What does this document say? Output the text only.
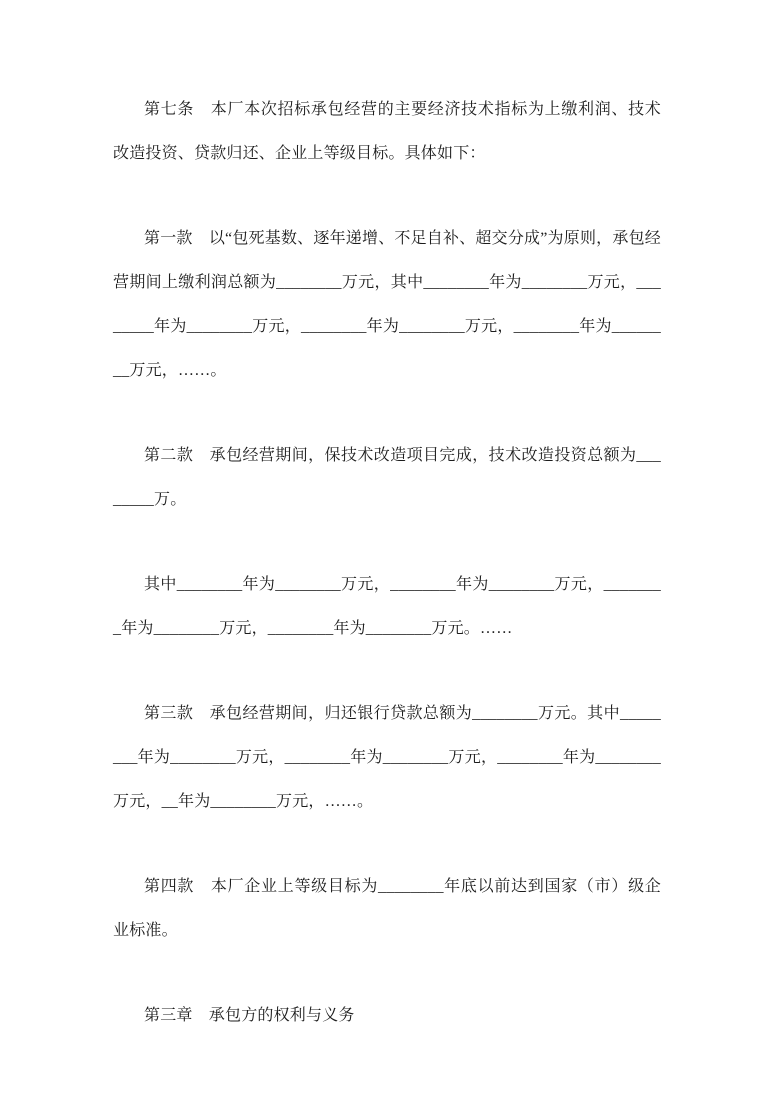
第七条　本厂本次招标承包经营的主要经济技术指标为上缴利润、技术改造投资、贷款归还、企业上等级目标。具体如下：

第一款　以“包死基数、逐年递增、不足自补、超交分成”为原则，承包经营期间上缴利润总额为________万元，其中________年为________万元，________年为________万元，________年为________万元，________年为________万元，……。

第二款　承包经营期间，保技术改造项目完成，技术改造投资总额为________万。

其中________年为________万元，________年为________万元，________年为________万元，________年为________万元。……

第三款　承包经营期间，归还银行贷款总额为________万元。其中________年为________万元，________年为________万元，________年为________万元，__年为________万元，……。

第四款　本厂企业上等级目标为________年底以前达到国家（市）级企业标准。

第三章　承包方的权利与义务
